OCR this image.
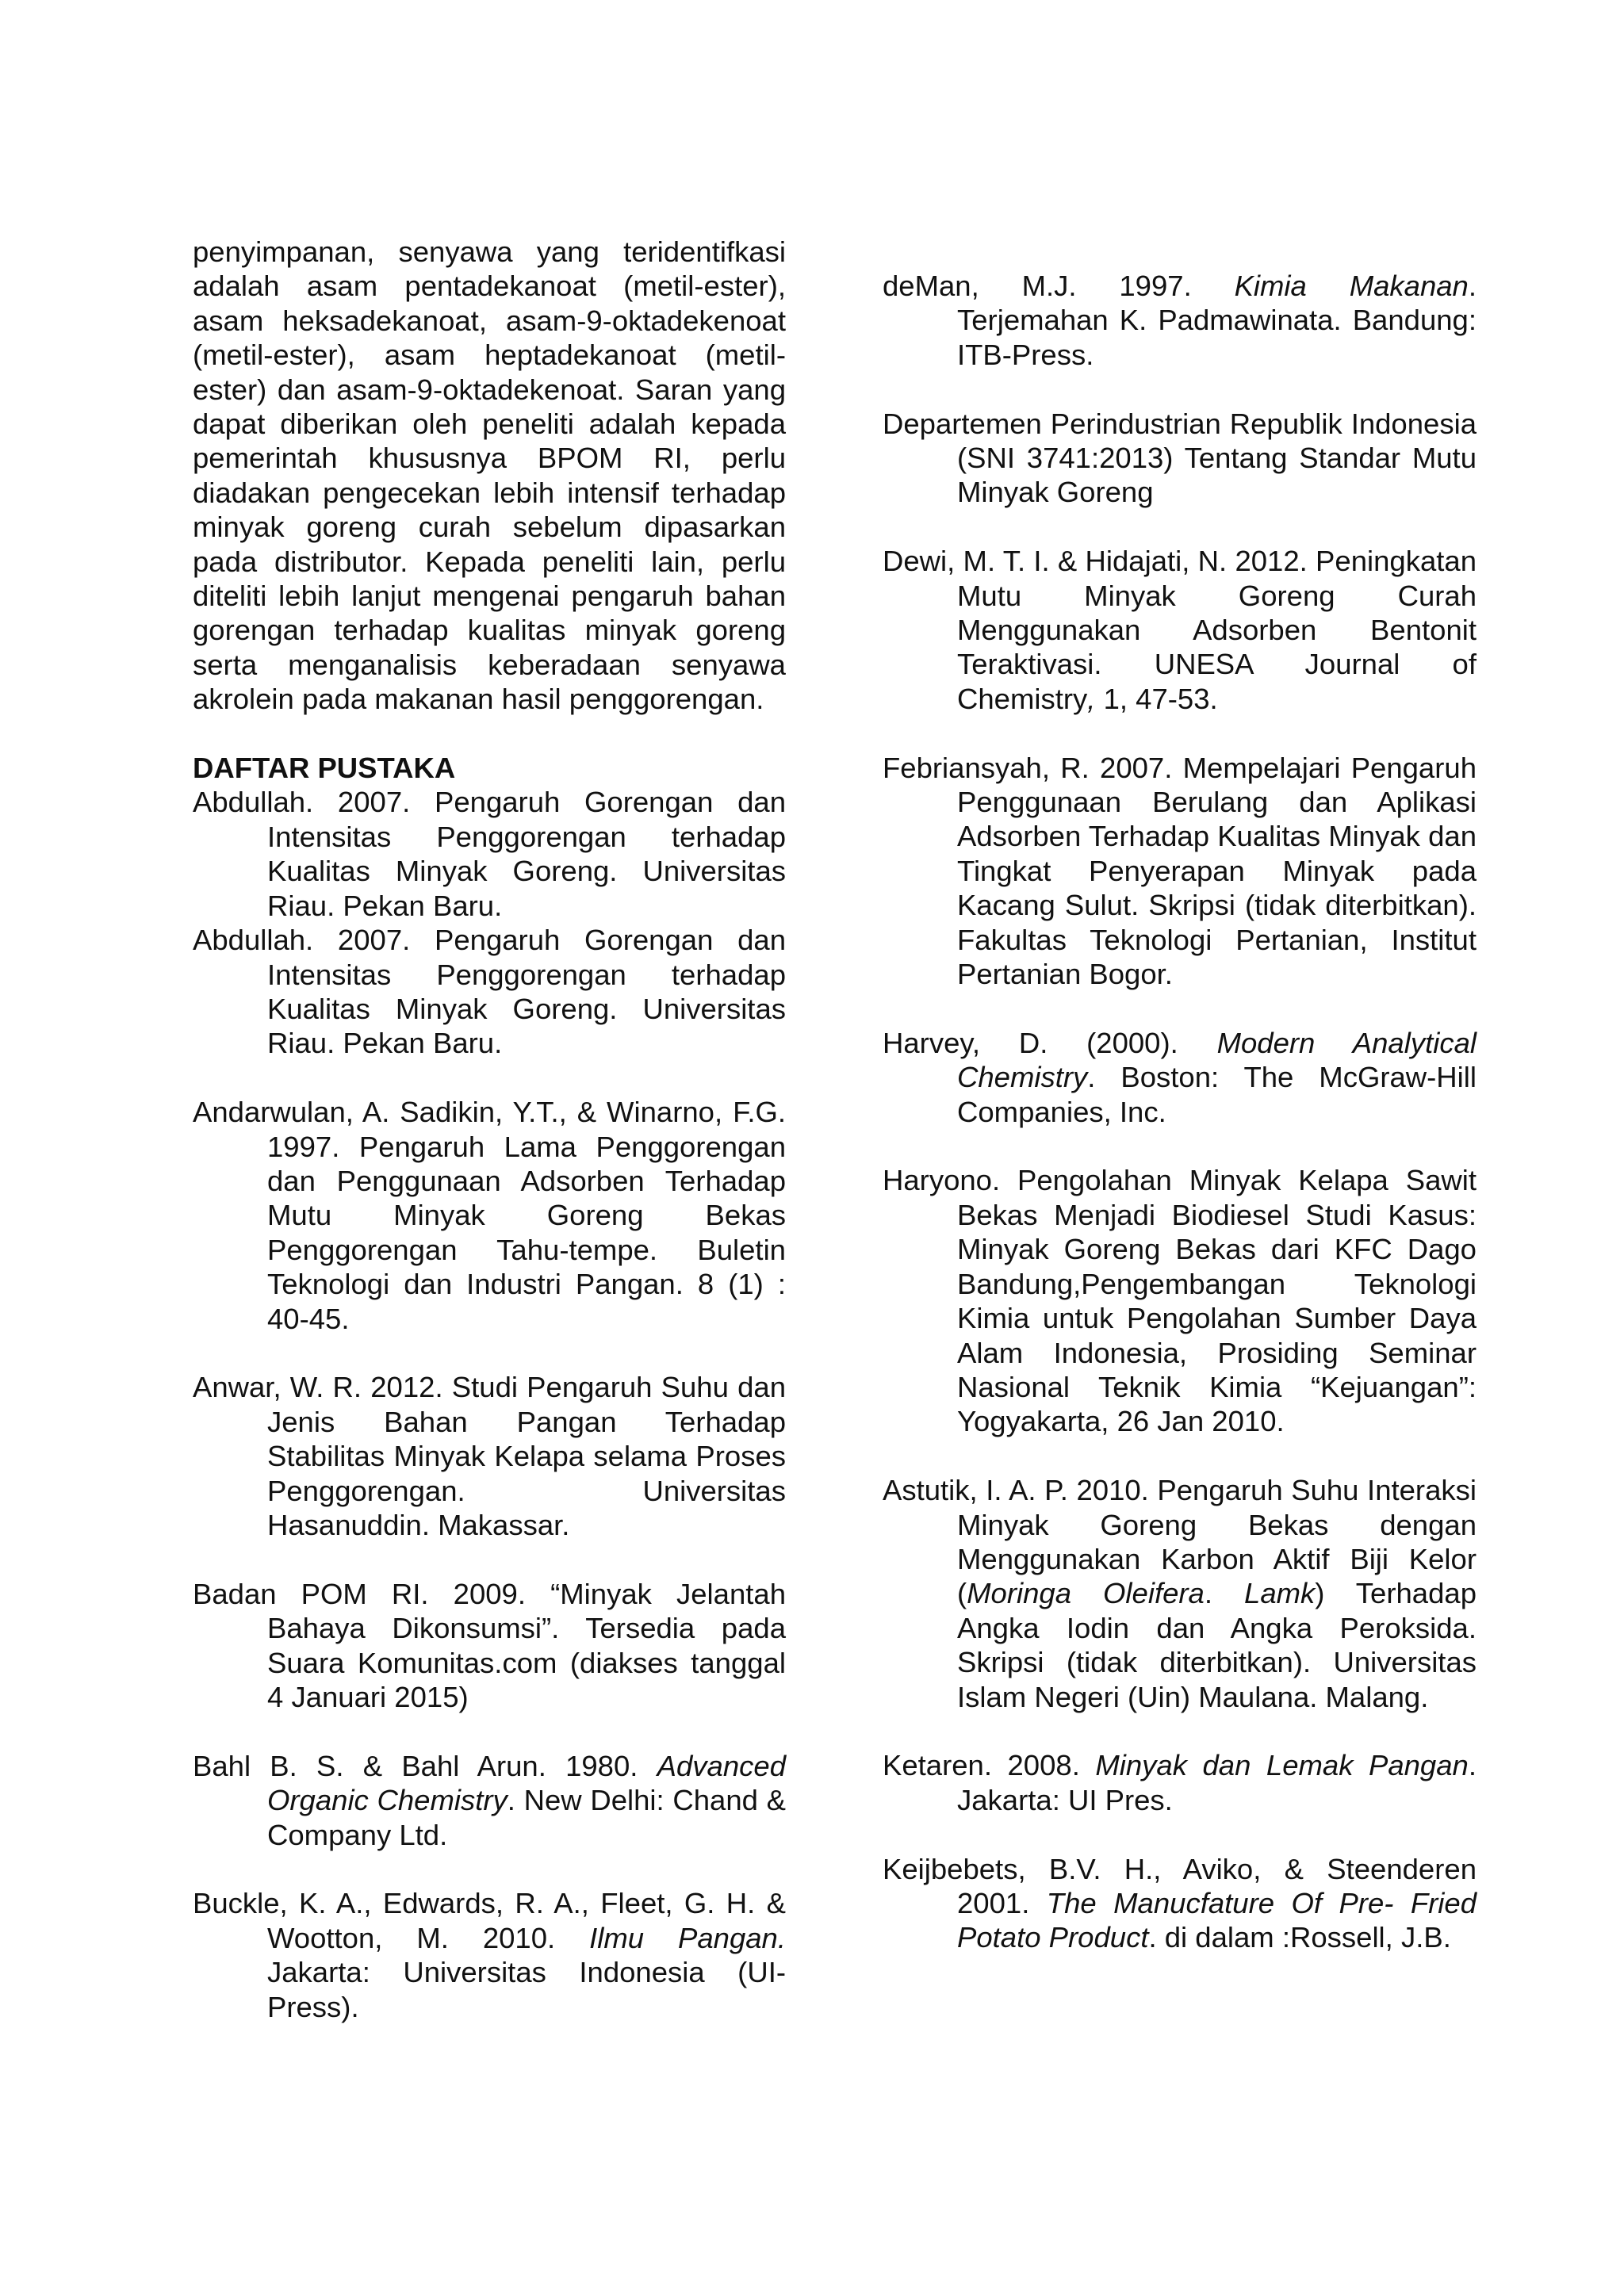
penyimpanan, senyawa yang teridentifkasi adalah asam pentadekanoat (metil-ester), asam heksadekanoat, asam-9-oktadekenoat (metil-ester), asam heptadekanoat (metil-ester) dan asam-9-oktadekenoat. Saran yang dapat diberikan oleh peneliti adalah kepada pemerintah khususnya BPOM RI, perlu diadakan pengecekan lebih intensif terhadap minyak goreng curah sebelum dipasarkan pada distributor. Kepada peneliti lain, perlu diteliti lebih lanjut mengenai pengaruh bahan gorengan terhadap kualitas minyak goreng serta menganalisis keberadaan senyawa akrolein pada makanan hasil penggorengan.

DAFTAR PUSTAKA

Abdullah. 2007. Pengaruh Gorengan dan Intensitas Penggorengan terhadap Kualitas Minyak Goreng. Universitas Riau. Pekan Baru.

Abdullah. 2007. Pengaruh Gorengan dan Intensitas Penggorengan terhadap Kualitas Minyak Goreng. Universitas Riau. Pekan Baru.

Andarwulan, A. Sadikin, Y.T., & Winarno, F.G. 1997. Pengaruh Lama Penggorengan dan Penggunaan Adsorben Terhadap Mutu Minyak Goreng Bekas Penggorengan Tahu-tempe. Buletin Teknologi dan Industri Pangan. 8 (1) : 40-45.

Anwar, W. R. 2012. Studi Pengaruh Suhu dan Jenis Bahan Pangan Terhadap Stabilitas Minyak Kelapa selama Proses Penggorengan. Universitas Hasanuddin. Makassar.

Badan POM RI. 2009. “Minyak Jelantah Bahaya Dikonsumsi”. Tersedia pada Suara Komunitas.com (diakses tanggal 4 Januari 2015)

Bahl B. S. & Bahl Arun. 1980. Advanced Organic Chemistry. New Delhi: Chand & Company Ltd.

Buckle, K. A., Edwards, R. A., Fleet, G. H. & Wootton, M. 2010. Ilmu Pangan. Jakarta: Universitas Indonesia (UI-Press).

deMan, M.J. 1997. Kimia Makanan. Terjemahan K. Padmawinata. Bandung: ITB-Press.

Departemen Perindustrian Republik Indonesia (SNI 3741:2013) Tentang Standar Mutu Minyak Goreng

Dewi, M. T. I. & Hidajati, N. 2012. Peningkatan Mutu Minyak Goreng Curah Menggunakan Adsorben Bentonit Teraktivasi. UNESA Journal of Chemistry, 1, 47-53.

Febriansyah, R. 2007. Mempelajari Pengaruh Penggunaan Berulang dan Aplikasi Adsorben Terhadap Kualitas Minyak dan Tingkat Penyerapan Minyak pada Kacang Sulut. Skripsi (tidak diterbitkan). Fakultas Teknologi Pertanian, Institut Pertanian Bogor.

Harvey, D. (2000). Modern Analytical Chemistry. Boston: The McGraw-Hill Companies, Inc.

Haryono. Pengolahan Minyak Kelapa Sawit Bekas Menjadi Biodiesel Studi Kasus: Minyak Goreng Bekas dari KFC Dago Bandung,Pengembangan Teknologi Kimia untuk Pengolahan Sumber Daya Alam Indonesia, Prosiding Seminar Nasional Teknik Kimia “Kejuangan”: Yogyakarta, 26 Jan 2010.

Astutik, I. A. P. 2010. Pengaruh Suhu Interaksi Minyak Goreng Bekas dengan Menggunakan Karbon Aktif Biji Kelor (Moringa Oleifera. Lamk) Terhadap Angka Iodin dan Angka Peroksida. Skripsi (tidak diterbitkan). Universitas Islam Negeri (Uin) Maulana. Malang.

Ketaren. 2008. Minyak dan Lemak Pangan. Jakarta: UI Pres.

Keijbebets, B.V. H., Aviko, & Steenderen 2001. The Manucfature Of Pre- Fried Potato Product. di dalam :Rossell, J.B.
